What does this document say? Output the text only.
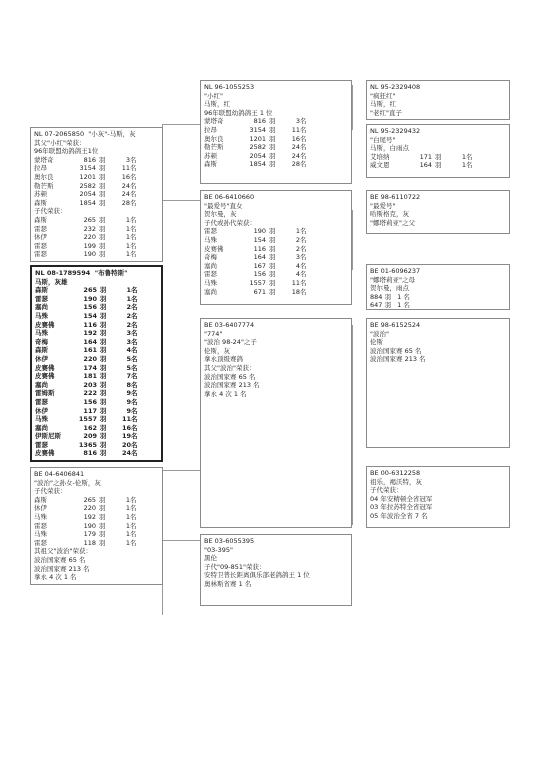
NL 07-2065850 "小灰"-马斯，灰
其父"小红"荣获：
96年联盟幼鸽鸽王1位
蒙塔奇	816 羽	3 名
拉昂	3154 羽	11 名
奥尔良	1201 羽	16 名
勒芒斯	2582 羽	24 名
苏顿	2054 羽	24 名
森斯	1854 羽	28 名
子代荣获：
森斯	265 羽	1 名
雷瑟	232 羽	1 名
休伊	220 羽	1 名
雷瑟	199 羽	1 名
雷瑟	190 羽	1 名
NL 08-1789594 "布鲁特斯"
马斯，灰雄
森斯	265 羽	1 名
雷瑟	190 羽	1 名
塞尚	156 羽	2 名
马殊	154 羽	2 名
皮赛佛	116 羽	2 名
马殊	192 羽	3 名
奇梅	164 羽	3 名
森斯	161 羽	4 名
休伊	220 羽	5 名
皮赛佛	174 羽	5 名
皮赛佛	181 羽	7 名
塞尚	203 羽	8 名
雷姆斯	222 羽	9 名
雷瑟	156 羽	9 名
休伊	117 羽	9 名
马殊	1557 羽	11 名
塞尚	162 羽	16 名
伊斯尼斯	209 羽	19 名
雷瑟	1365 羽	20 名
皮赛佛	816 羽	24 名
BE 04-6406841
"波治"之孙女-伦斯，灰
子代荣获：
森斯	265 羽	1 名
休伊	220 羽	1 名
马殊	192 羽	1 名
雷瑟	190 羽	1 名
马殊	179 羽	1 名
雷瑟	118 羽	1 名
其祖父"波治"荣获：
波治国家赛 65 名
波治国家赛 213 名
拿永 4 次 1 名
NL 96-1055253
"小红"
马斯，红
96年联盟幼鸽鸽王 1 位
蒙塔奇	816 羽	3 名
拉昂	3154 羽	11 名
奥尔良	1201 羽	16 名
勒芒斯	2582 羽	24 名
苏顿	2054 羽	24 名
森斯	1854 羽	28 名
BE 06-6410660
"最爱号"直女
贺尔曼，灰
子代或孙代荣获：
雷瑟	190 羽	1 名
马殊	154 羽	2 名
皮赛佛	116 羽	2 名
奇梅	164 羽	3 名
塞尚	167 羽	4 名
雷瑟	156 羽	4 名
马殊	1557 羽	11 名
塞尚	671 羽	18 名
BE 03-6407774
"774"
"波治 98-24"之子
伦斯，灰
拿永顶级赛鸽
其父"波治"荣获：
波治国家赛 65 名
波治国家赛 213 名
拿永 4 次 1 名
BE 03-6055395
"03-395"
黑伦
子代"09-851"荣获：
安特卫普长距离俱乐部老鸽鸽王 1 位
奥林斯省赛 1 名
NL 95-2329408
"疯狂红"
马斯，红
"老红"直子
NL 95-2329432
"白尾号"
马斯，白雨点
艾培纳	171 羽	1 名
威文恩	164 羽	1 名
BE 98-6110722
"最爱号"
哈斯格克，灰
"娜塔莉亚"之父
BE 01-6096237
"娜塔莉亚"之母
贺尔曼，雨点
884 羽   1 名
647 羽   1 名
BE 98-6152524
"波治"
伦斯
波治国家赛 65 名
波治国家赛 213 名
BE 00-6312258
祖乐，褐沃特，灰
子代荣获：
04 年安精顿全省冠军
03 年拉苏特全省冠军
05 年波治全省 7 名
